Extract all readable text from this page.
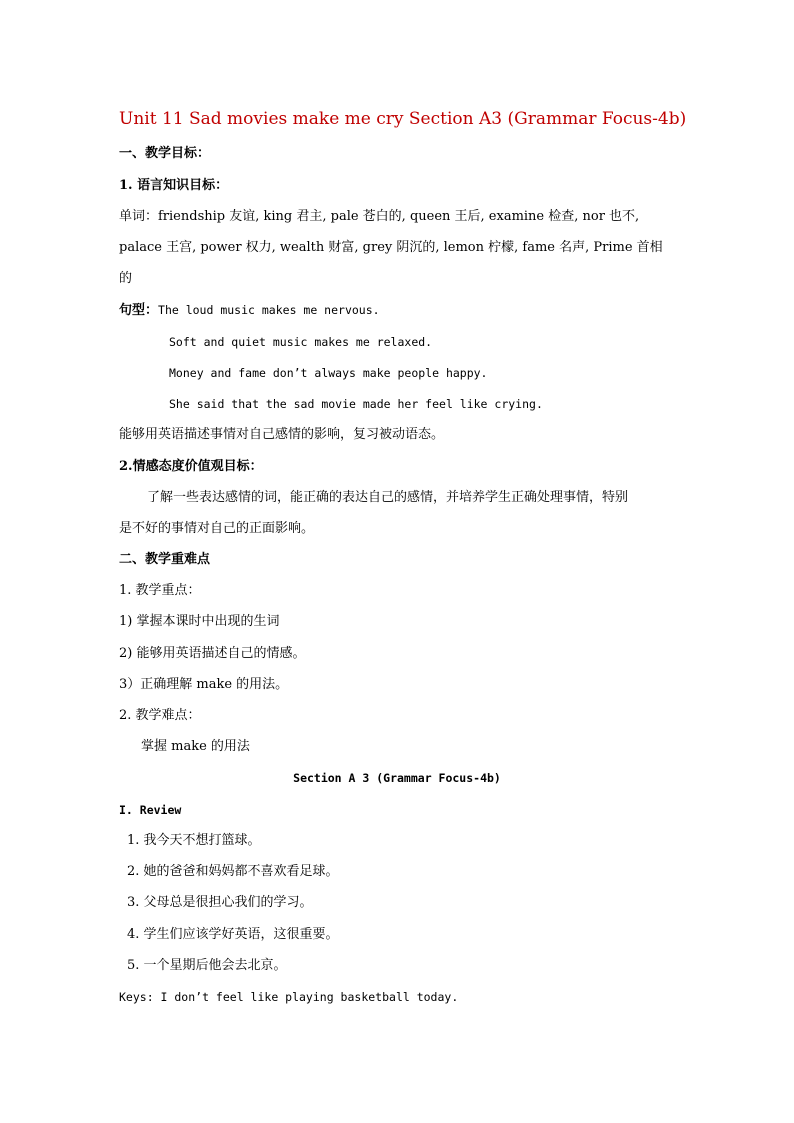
Unit 11 Sad movies make me cry Section A3 (Grammar Focus-4b)
一、教学目标：
1. 语言知识目标：
单词：friendship 友谊, king 君主, pale 苍白的, queen 王后, examine 检查, nor 也不,
palace 王宫, power 权力, wealth 财富, grey 阴沉的, lemon 柠檬, fame 名声, Prime 首相
的
句型：The loud music makes me nervous.
Soft and quiet music makes me relaxed.
Money and fame don’t always make people happy.
She said that the sad movie made her feel like crying.
能够用英语描述事情对自己感情的影响，复习被动语态。
2.情感态度价值观目标：
了解一些表达感情的词，能正确的表达自己的感情，并培养学生正确处理事情，特别
是不好的事情对自己的正面影响。
二、教学重难点
1. 教学重点：
1) 掌握本课时中出现的生词
2) 能够用英语描述自己的情感。
3）正确理解 make 的用法。
2. 教学难点：
掌握 make 的用法
Section A 3 (Grammar Focus-4b)
I. Review
1. 我今天不想打篮球。
2. 她的爸爸和妈妈都不喜欢看足球。
3. 父母总是很担心我们的学习。
4. 学生们应该学好英语，这很重要。
5. 一个星期后他会去北京。
Keys: I don’t feel like playing basketball today.
